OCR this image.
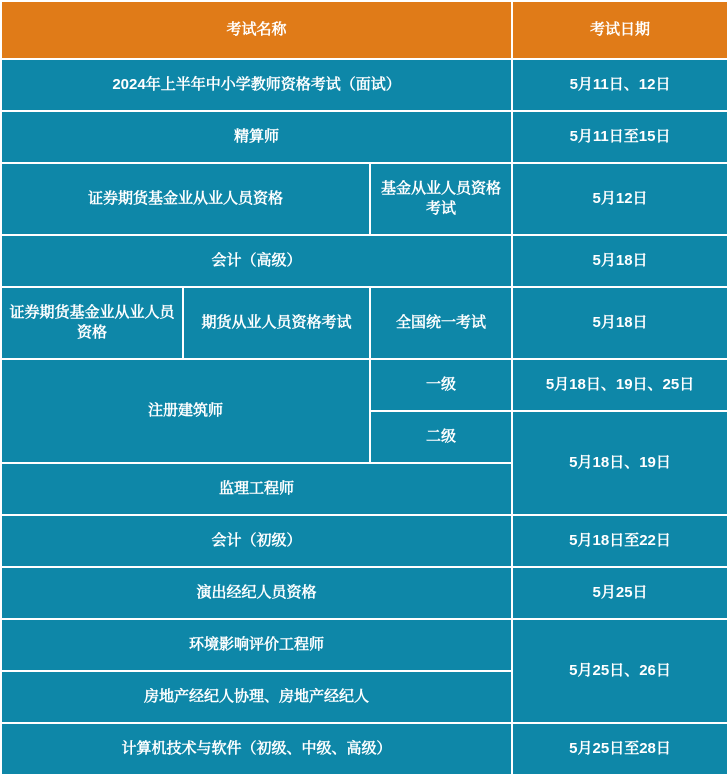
考试名称			考试日期
2024年上半年中小学教师资格考试（面试）			5月11日、12日
精算师			5月11日至15日
证券期货基金业从业人员资格		基金从业人员资格考试	5月12日
会计（高级）			5月18日
证券期货基金业从业人员资格	期货从业人员资格考试	全国统一考试	5月18日
注册建筑师		一级	5月18日、19日、25日
		二级	5月18日、19日
监理工程师			
会计（初级）			5月18日至22日
演出经纪人员资格			5月25日
环境影响评价工程师			5月25日、26日
房地产经纪人协理、房地产经纪人			
计算机技术与软件（初级、中级、高级）			5月25日至28日
